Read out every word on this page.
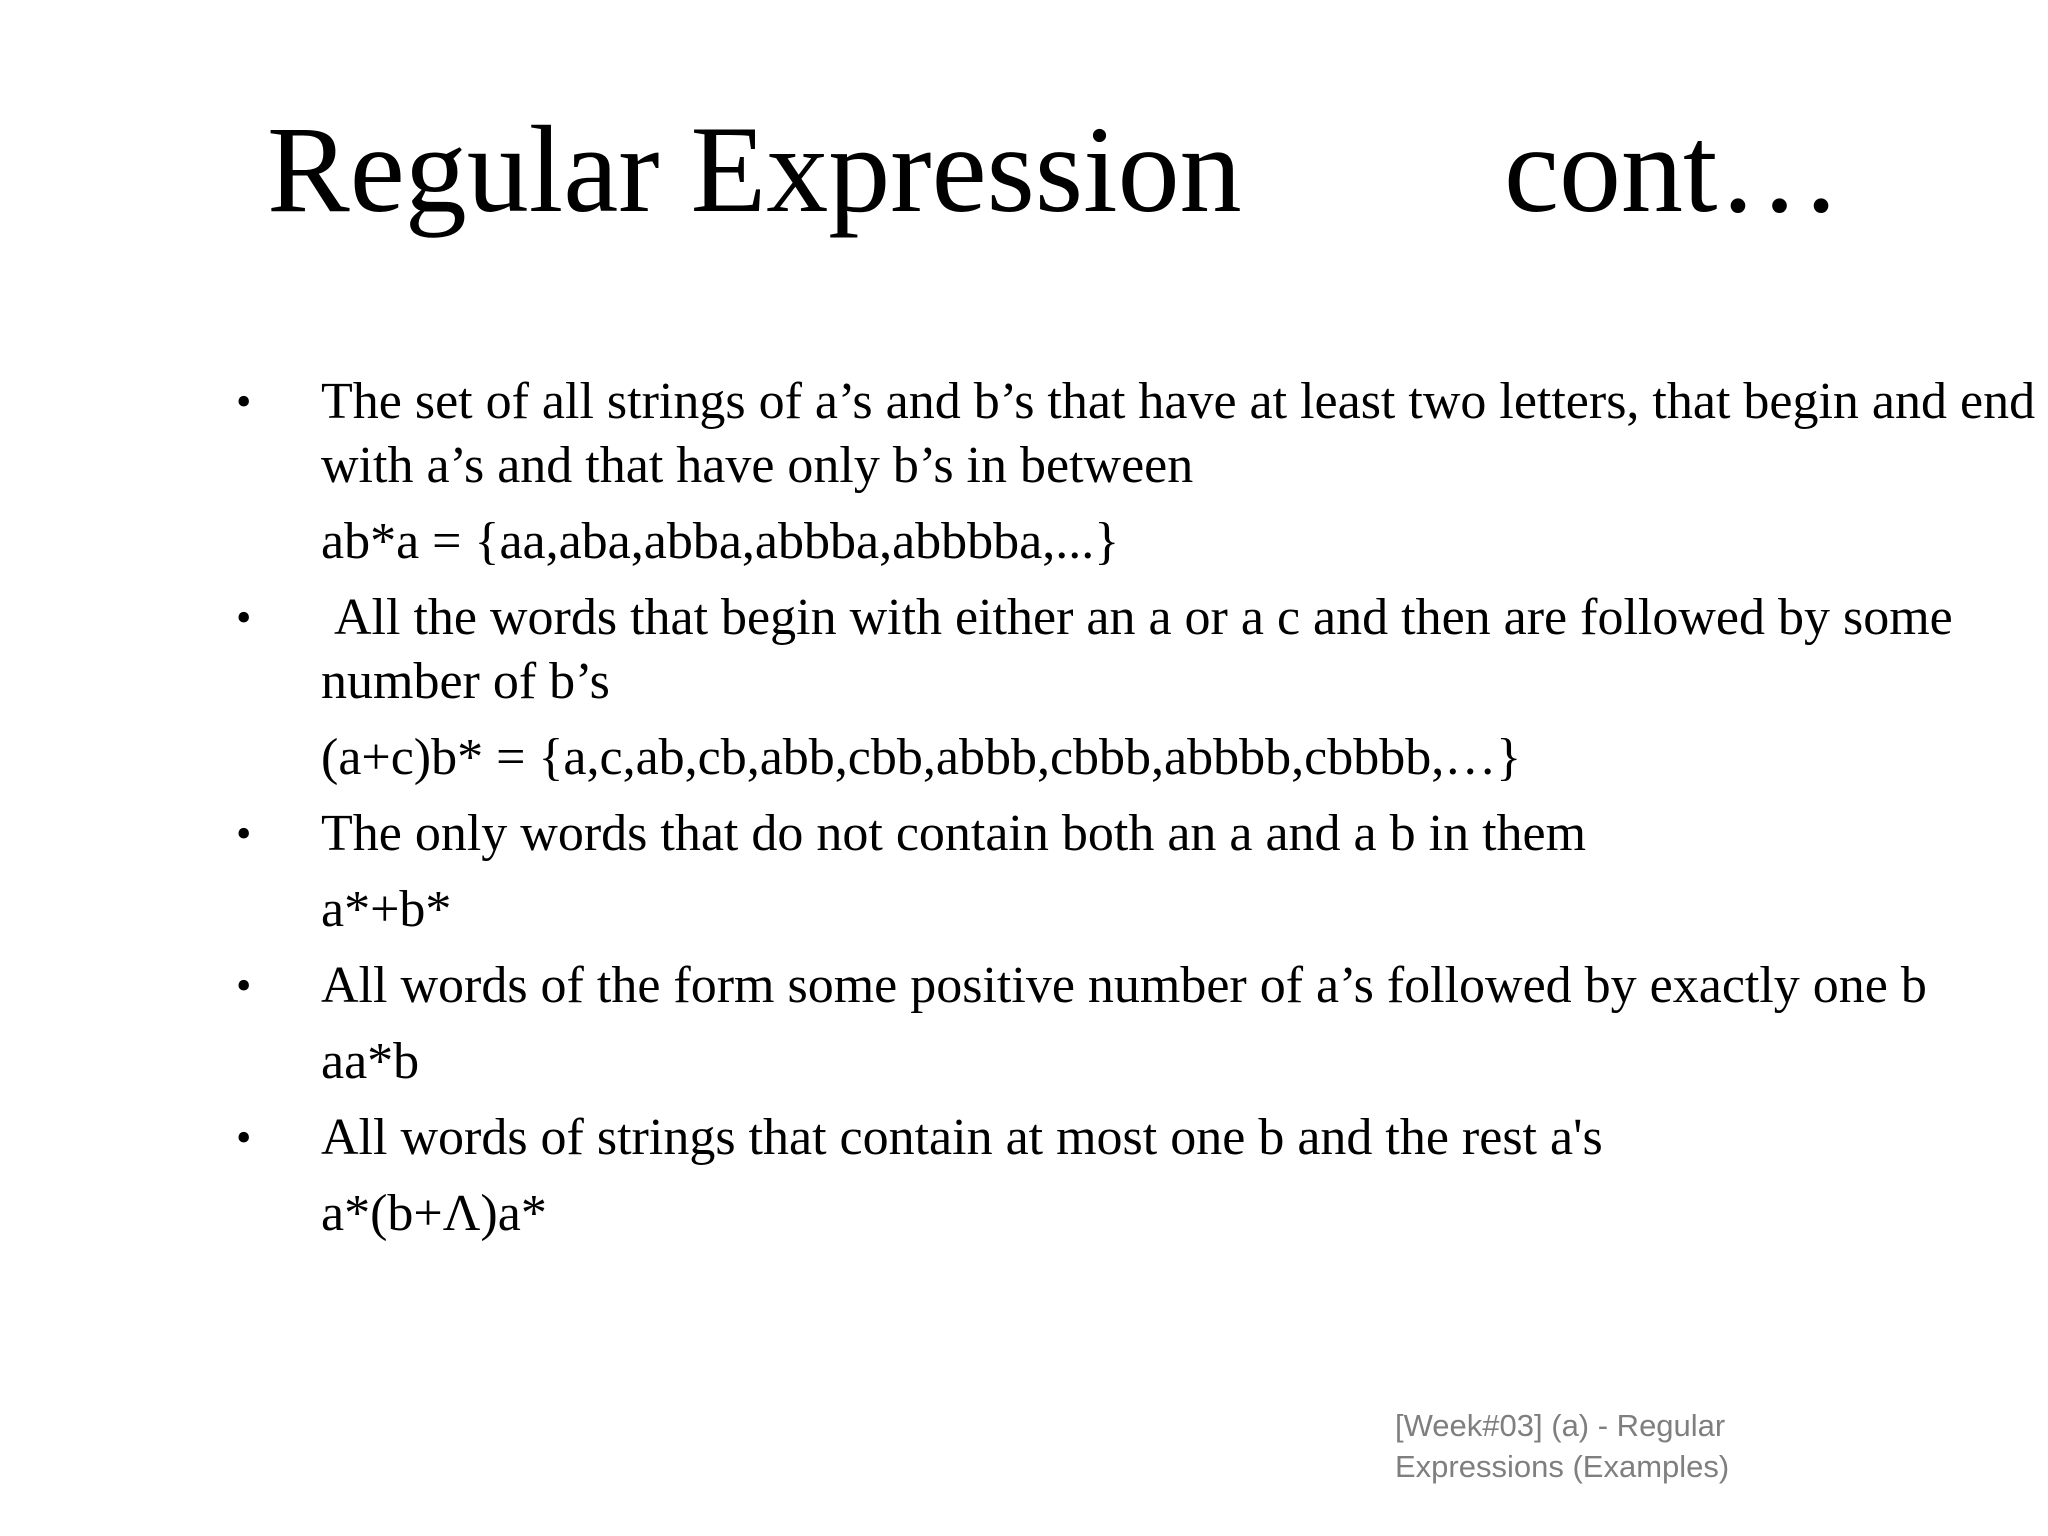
Regular Expression cont…
• The set of all strings of a’s and b’s that have at least two letters, that begin and end with a’s and that have only b’s in between
ab*a = {aa,aba,abba,abbba,abbbba,...}
• All the words that begin with either an a or a c and then are followed by some number of b’s
(a+c)b* = {a,c,ab,cb,abb,cbb,abbb,cbbb,abbbb,cbbbb,…}
• The only words that do not contain both an a and a b in them
a*+b*
• All words of the form some positive number of a’s followed by exactly one b
aa*b
• All words of strings that contain at most one b and the rest a's
a*(b+Λ)a*
[Week#03] (a) - Regular Expressions (Examples)
